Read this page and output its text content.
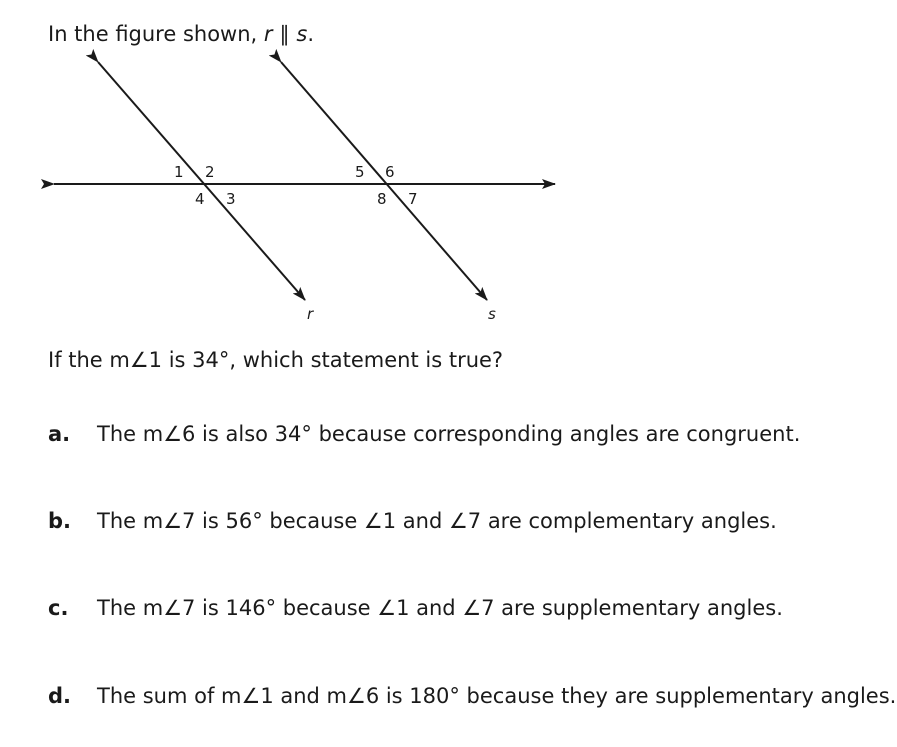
In the figure shown, r ∥ s.

1 2
3
4
5 6
7
8
r	s

If the m∠1 is 34°, which statement is true?

a.	The m∠6 is also 34° because corresponding angles are congruent.
b.	The m∠7 is 56° because ∠1 and ∠7 are complementary angles.
c.	The m∠7 is 146° because ∠1 and ∠7 are supplementary angles.
d.	The sum of m∠1 and m∠6 is 180° because they are supplementary angles.
